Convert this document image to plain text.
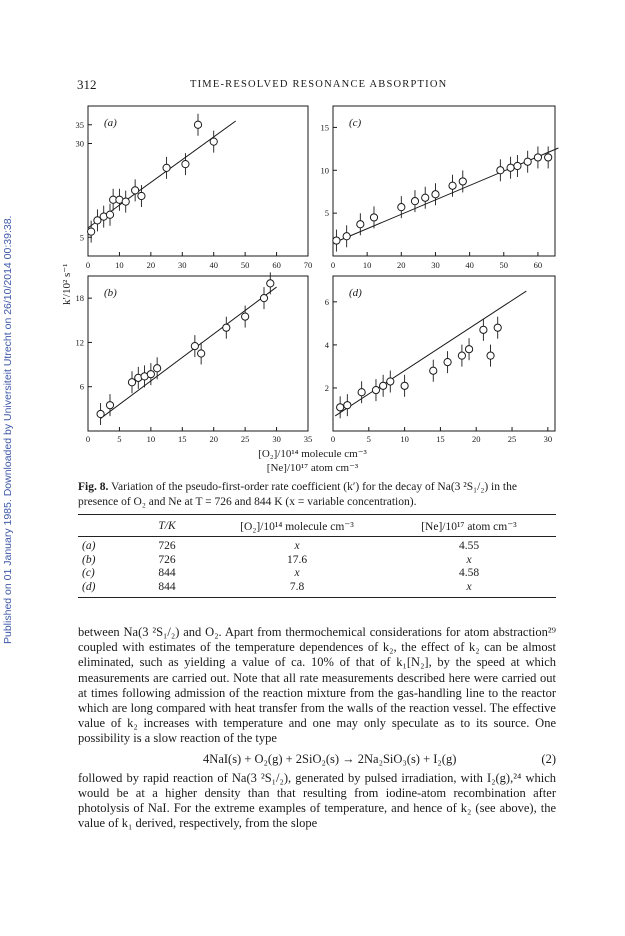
Published on 01 January 1985. Downloaded by Universiteit Utrecht on 26/10/2014 00:39:38.
312	TIME-RESOLVED RESONANCE ABSORPTION
(a)
0	10	20	30	40	50	60	70
35
30
5
(b)
0	5	10	15	20	25	30	35
18
12
6
(c)
0	10	20	30	40	50	60
15
10
5
(d)
0	5	10	15	20	25	30
6
4
2
k′/10² s⁻¹
[O₂]/10¹⁴ molecule cm⁻³
[Ne]/10¹⁷ atom cm⁻³
Fig. 8. Variation of the pseudo-first-order rate coefficient (k′) for the decay of Na(3 ²S₁/₂) in the presence of O₂ and Ne at T = 726 and 844 K (x = variable concentration).
	T/K	[O₂]/10¹⁴ molecule cm⁻³	[Ne]/10¹⁷ atom cm⁻³
(a)	726	x	4.55
(b)	726	17.6	x
(c)	844	x	4.58
(d)	844	7.8	x

between Na(3 ²S₁/₂) and O₂. Apart from thermochemical considerations for atom abstraction²⁹ coupled with estimates of the temperature dependences of k₂, the effect of k₂ can be almost eliminated, such as yielding a value of ca. 10% of that of k₁[N₂], by the speed at which measurements are carried out. Note that all rate measurements described here were carried out at times following admission of the reaction mixture from the gas-handling line to the reactor which are long compared with heat transfer from the walls of the reaction vessel. The effective value of k₂ increases with temperature and one may only speculate as to its source. One possibility is a slow reaction of the type

4NaI(s) + O₂(g) + 2SiO₂(s) → 2Na₂SiO₃(s) + I₂(g)	(2)

followed by rapid reaction of Na(3 ²S₁/₂), generated by pulsed irradiation, with I₂(g),²⁴ which would be at a higher density than that resulting from iodine-atom recombination after photolysis of NaI. For the extreme examples of temperature, and hence of k₂ (see above), the value of k₁ derived, respectively, from the slope
